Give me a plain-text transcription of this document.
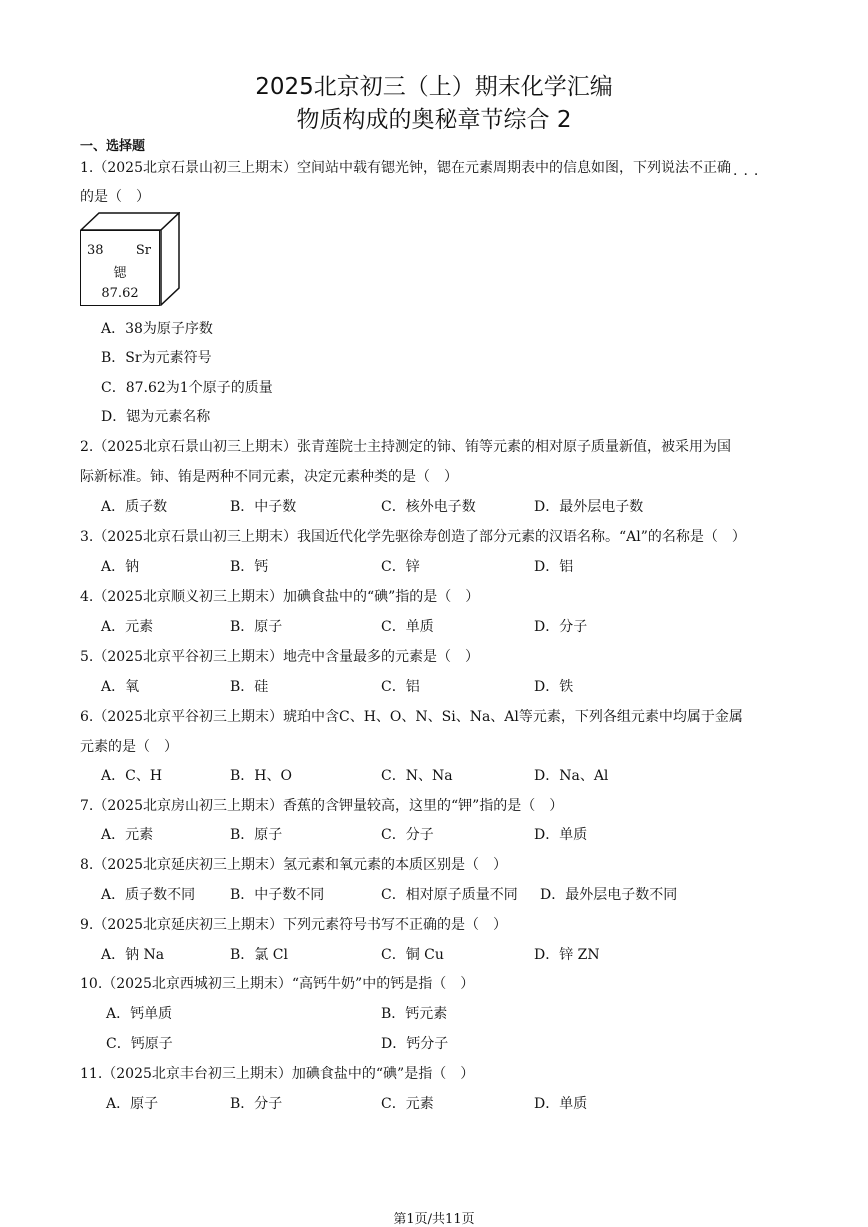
2025北京初三（上）期末化学汇编
物质构成的奥秘章节综合 2
一、选择题
1.（2025北京石景山初三上期末）空间站中载有锶光钟，锶在元素周期表中的信息如图，下列说法不正确 ···
的是（　）
38 Sr
锶
87.62
A．38为原子序数
B．Sr为元素符号
C．87.62为1个原子的质量
D．锶为元素名称
2.（2025北京石景山初三上期末）张青莲院士主持测定的铈、铕等元素的相对原子质量新值，被采用为国
际新标准。铈、铕是两种不同元素，决定元素种类的是（　）
A．质子数	B．中子数	C．核外电子数	D．最外层电子数
3.（2025北京石景山初三上期末）我国近代化学先驱徐寿创造了部分元素的汉语名称。“Al”的名称是（　）
A．钠	B．钙	C．锌	D．铝
4.（2025北京顺义初三上期末）加碘食盐中的“碘”指的是（　）
A．元素	B．原子	C．单质	D．分子
5.（2025北京平谷初三上期末）地壳中含量最多的元素是（　）
A．氧	B．硅	C．铝	D．铁
6.（2025北京平谷初三上期末）琥珀中含C、H、O、N、Si、Na、Al等元素，下列各组元素中均属于金属
元素的是（　）
A．C、H	B．H、O	C．N、Na	D．Na、Al
7.（2025北京房山初三上期末）香蕉的含钾量较高，这里的“钾”指的是（　）
A．元素	B．原子	C．分子	D．单质
8.（2025北京延庆初三上期末）氢元素和氧元素的本质区别是（　）
A．质子数不同 B．中子数不同	C．相对原子质量不同 D．最外层电子数不同
9.（2025北京延庆初三上期末）下列元素符号书写不正确的是（　）
A．钠 Na	B．氯 Cl	C．铜 Cu	D．锌 ZN
10.（2025北京西城初三上期末）“高钙牛奶”中的钙是指（　）
A．钙单质	B．钙元素
C．钙原子	D．钙分子
11.（2025北京丰台初三上期末）加碘食盐中的“碘”是指（　）
A．原子	B．分子	C．元素	D．单质
第1页/共11页
